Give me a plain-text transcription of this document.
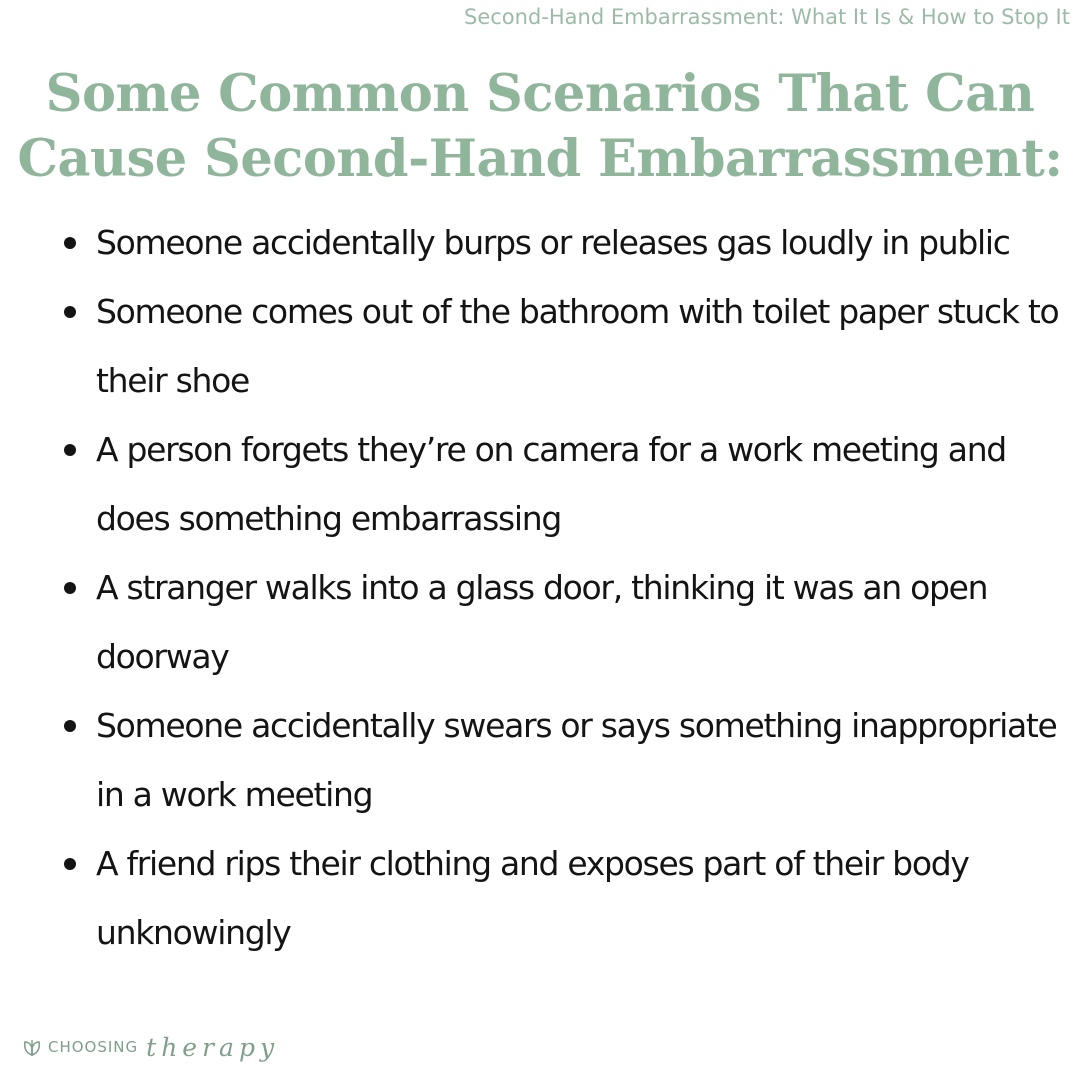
Second-Hand Embarrassment: What It Is & How to Stop It
Some Common Scenarios That Can
Cause Second-Hand Embarrassment:
Someone accidentally burps or releases gas loudly in public
Someone comes out of the bathroom with toilet paper stuck to their shoe
A person forgets they’re on camera for a work meeting and does something embarrassing
A stranger walks into a glass door, thinking it was an open doorway
Someone accidentally swears or says something inappropriate in a work meeting
A friend rips their clothing and exposes part of their body unknowingly
CHOOSING therapy
